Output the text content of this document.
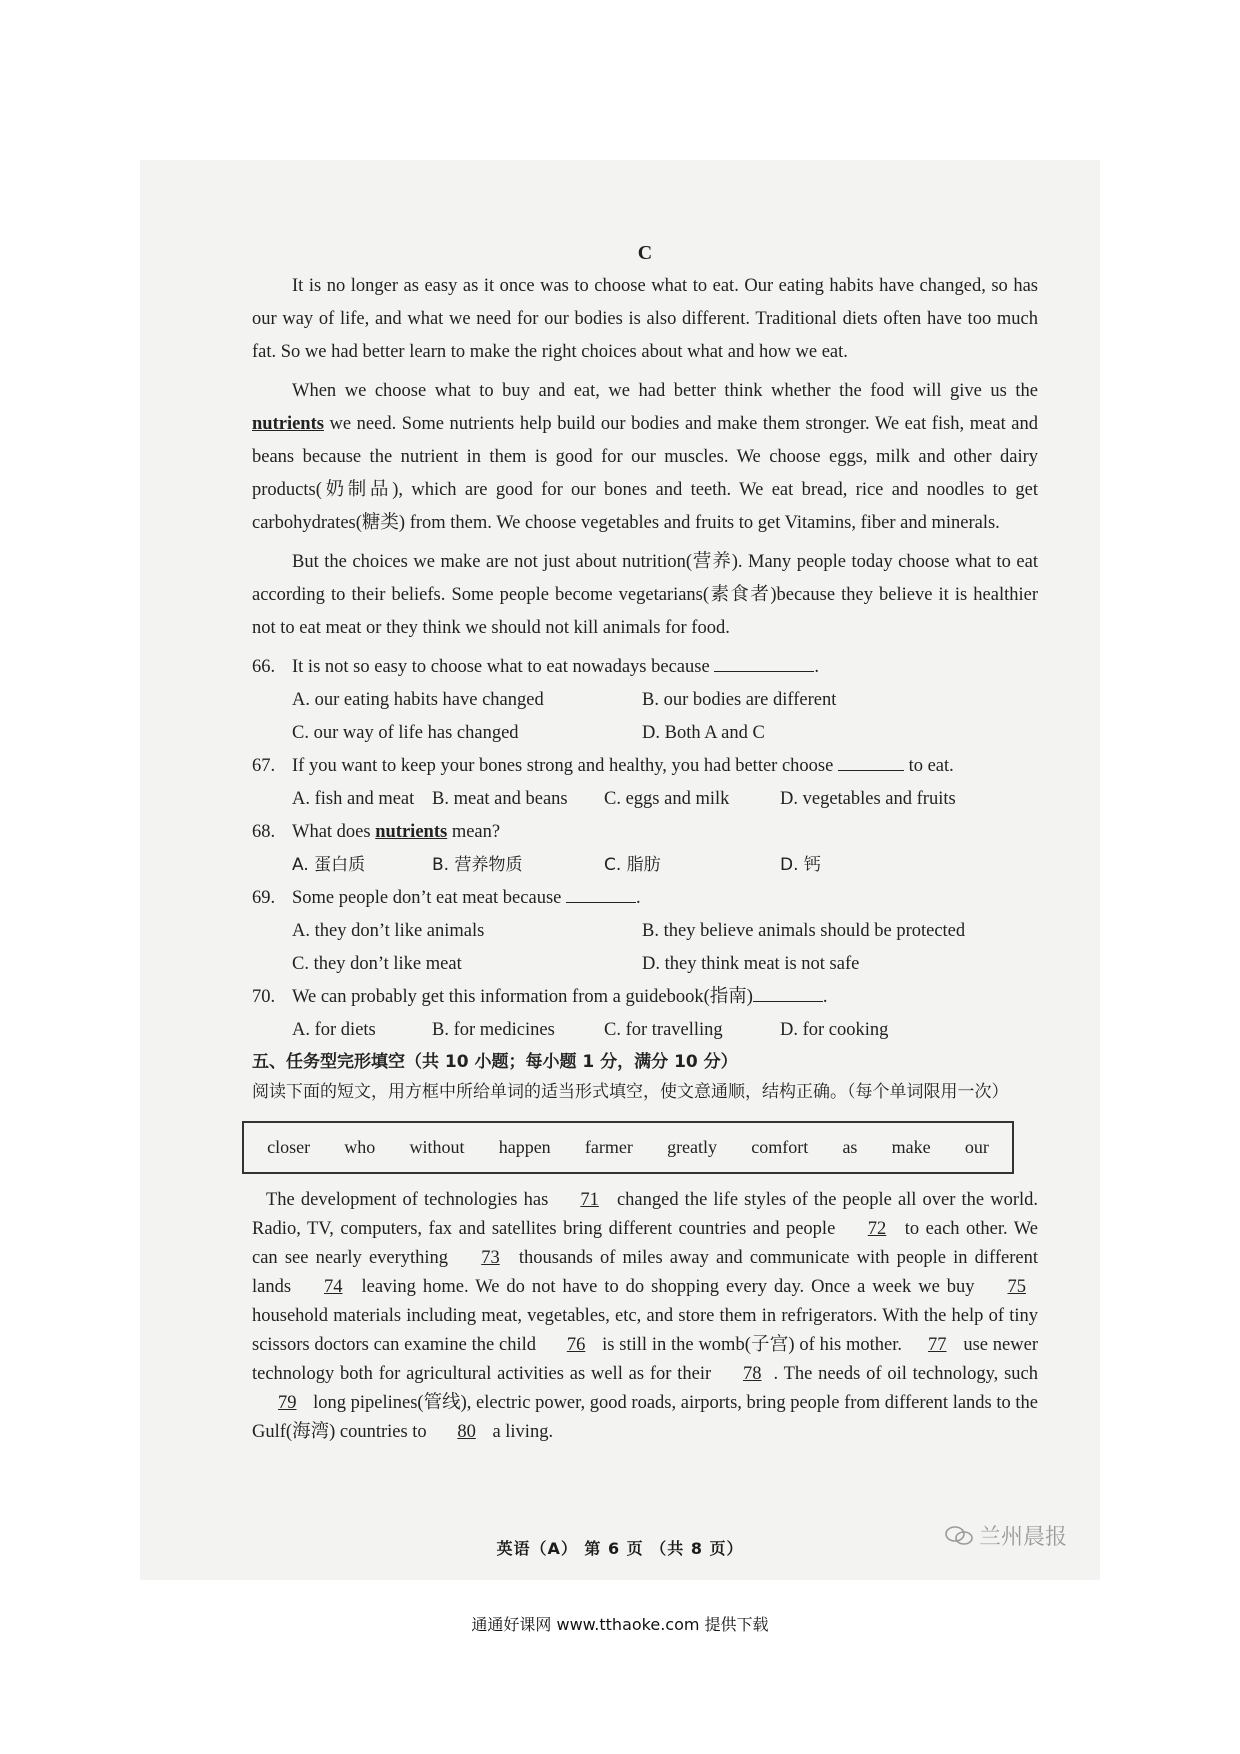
C

It is no longer as easy as it once was to choose what to eat. Our eating habits have changed, so has our way of life, and what we need for our bodies is also different. Traditional diets often have too much fat. So we had better learn to make the right choices about what and how we eat.

When we choose what to buy and eat, we had better think whether the food will give us the nutrients we need. Some nutrients help build our bodies and make them stronger. We eat fish, meat and beans because the nutrient in them is good for our muscles. We choose eggs, milk and other dairy products(奶制品), which are good for our bones and teeth. We eat bread, rice and noodles to get carbohydrates(糖类) from them. We choose vegetables and fruits to get Vitamins, fiber and minerals.

But the choices we make are not just about nutrition(营养). Many people today choose what to eat according to their beliefs. Some people become vegetarians(素食者)because they believe it is healthier not to eat meat or they think we should not kill animals for food.

66. It is not so easy to choose what to eat nowadays because	.
A. our eating habits have changed	B. our bodies are different
C. our way of life has changed	D. Both A and C
67. If you want to keep your bones strong and healthy, you had better choose	to eat.
A. fish and meat B. meat and beans	C. eggs and milk	D. vegetables and fruits
68. What does nutrients mean?
A. 蛋白质	B. 营养物质	C. 脂肪	D. 钙
69. Some people don’t eat meat because	.
A. they don’t like animals	B. they believe animals should be protected
C. they don’t like meat	D. they think meat is not safe
70. We can probably get this information from a guidebook(指南)	.
A. for diets	B. for medicines	C. for travelling	D. for cooking

五、任务型完形填空（共 10 小题；每小题 1 分，满分 10 分）

阅读下面的短文，用方框中所给单词的适当形式填空，使文意通顺，结构正确。（每个单词限用一次）

closer who without happen farmer greatly comfort as make our

The development of technologies has 71 changed the life styles of the people all over the world. Radio, TV, computers, fax and satellites bring different countries and people 72 to each other. We can see nearly everything 73 thousands of miles away and communicate with people in different lands 74 leaving home. We do not have to do shopping every day. Once a week we buy 75 household materials including meat, vegetables, etc, and store them in refrigerators. With the help of tiny scissors doctors can examine the child 76 is still in the womb(子宫) of his mother. 77 use newer technology both for agricultural activities as well as for their 78 . The needs of oil technology, such 79 long pipelines(管线), electric power, good roads, airports, bring people from different lands to the Gulf(海湾) countries to 80 a living.

英语（A） 第 6 页 （共 8 页）	兰州晨报
通通好课网 www.tthaoke.com 提供下载
